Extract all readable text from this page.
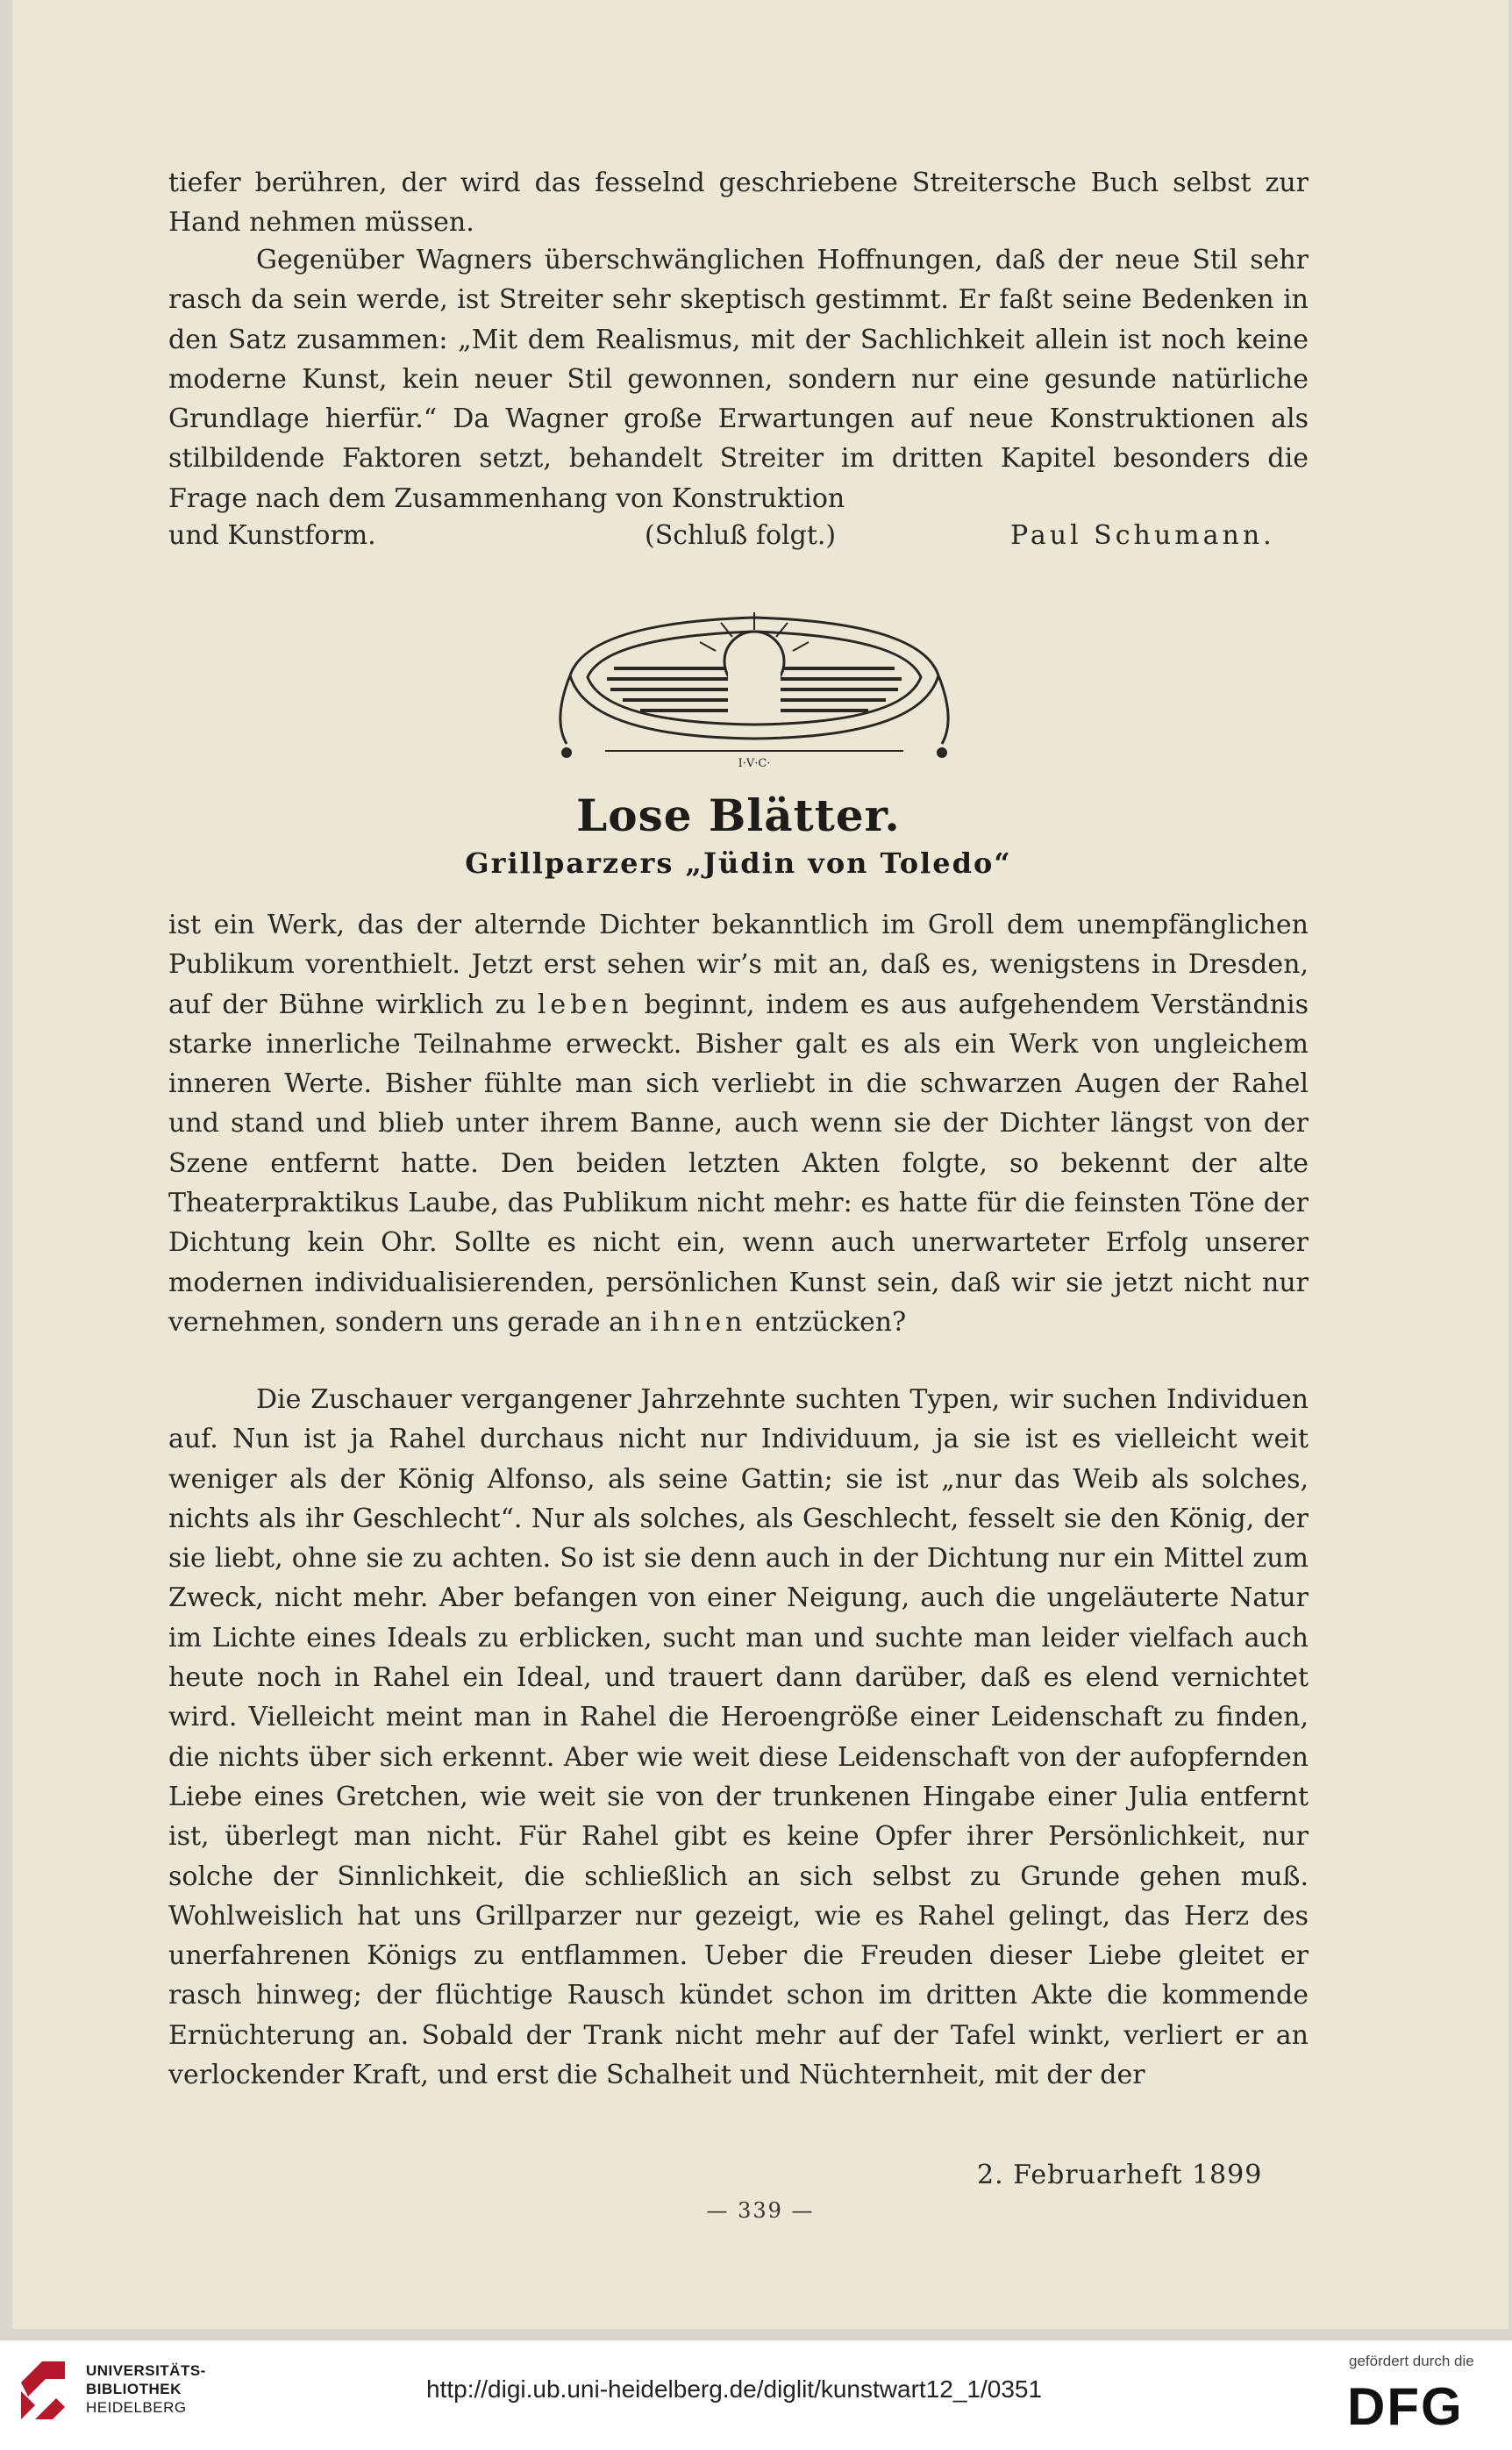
tiefer berühren, der wird das fesselnd geschriebene Streitersche Buch selbst zur Hand nehmen müssen.

Gegenüber Wagners überschwänglichen Hoffnungen, daß der neue Stil sehr rasch da sein werde, ist Streiter sehr skeptisch gestimmt. Er faßt seine Bedenken in den Satz zusammen: „Mit dem Realismus, mit der Sachlichkeit allein ist noch keine moderne Kunst, kein neuer Stil gewonnen, sondern nur eine gesunde natürliche Grundlage hierfür.“ Da Wagner große Erwartungen auf neue Konstruktionen als stilbildende Faktoren setzt, behandelt Streiter im dritten Kapitel besonders die Frage nach dem Zusammenhang von Konstruktion

und Kunstform.	(Schluß folgt.)	Paul Schumann.
I·V·C·
Lose Blätter.
Grillparzers „Jüdin von Toledo“

ist ein Werk, das der alternde Dichter bekanntlich im Groll dem unempfänglichen Publikum vorenthielt. Jetzt erst sehen wir’s mit an, daß es, wenigstens in Dresden, auf der Bühne wirklich zu leben beginnt, indem es aus aufgehendem Verständnis starke innerliche Teilnahme erweckt. Bisher galt es als ein Werk von ungleichem inneren Werte. Bisher fühlte man sich verliebt in die schwarzen Augen der Rahel und stand und blieb unter ihrem Banne, auch wenn sie der Dichter längst von der Szene entfernt hatte. Den beiden letzten Akten folgte, so bekennt der alte Theaterpraktikus Laube, das Publikum nicht mehr: es hatte für die feinsten Töne der Dichtung kein Ohr. Sollte es nicht ein, wenn auch unerwarteter Erfolg unserer modernen individualisierenden, persönlichen Kunst sein, daß wir sie jetzt nicht nur vernehmen, sondern uns gerade an ihnen entzücken?

Die Zuschauer vergangener Jahrzehnte suchten Typen, wir suchen Individuen auf. Nun ist ja Rahel durchaus nicht nur Individuum, ja sie ist es vielleicht weit weniger als der König Alfonso, als seine Gattin; sie ist „nur das Weib als solches, nichts als ihr Geschlecht“. Nur als solches, als Geschlecht, fesselt sie den König, der sie liebt, ohne sie zu achten. So ist sie denn auch in der Dichtung nur ein Mittel zum Zweck, nicht mehr. Aber befangen von einer Neigung, auch die ungeläuterte Natur im Lichte eines Ideals zu erblicken, sucht man und suchte man leider vielfach auch heute noch in Rahel ein Ideal, und trauert dann darüber, daß es elend vernichtet wird. Vielleicht meint man in Rahel die Heroengröße einer Leidenschaft zu finden, die nichts über sich erkennt. Aber wie weit diese Leidenschaft von der aufopfernden Liebe eines Gretchen, wie weit sie von der trunkenen Hingabe einer Julia entfernt ist, überlegt man nicht. Für Rahel gibt es keine Opfer ihrer Persönlichkeit, nur solche der Sinnlichkeit, die schließlich an sich selbst zu Grunde gehen muß. Wohlweislich hat uns Grillparzer nur gezeigt, wie es Rahel gelingt, das Herz des unerfahrenen Königs zu entflammen. Ueber die Freuden dieser Liebe gleitet er rasch hinweg; der flüchtige Rausch kündet schon im dritten Akte die kommende Ernüchterung an. Sobald der Trank nicht mehr auf der Tafel winkt, verliert er an verlockender Kraft, und erst die Schalheit und Nüchternheit, mit der der

2. Februarheft 1899
— 339 —
UNIVERSITÄTS-
BIBLIOTHEK
HEIDELBERG
http://digi.ub.uni-heidelberg.de/diglit/kunstwart12_1/0351
gefördert durch die
DFG
